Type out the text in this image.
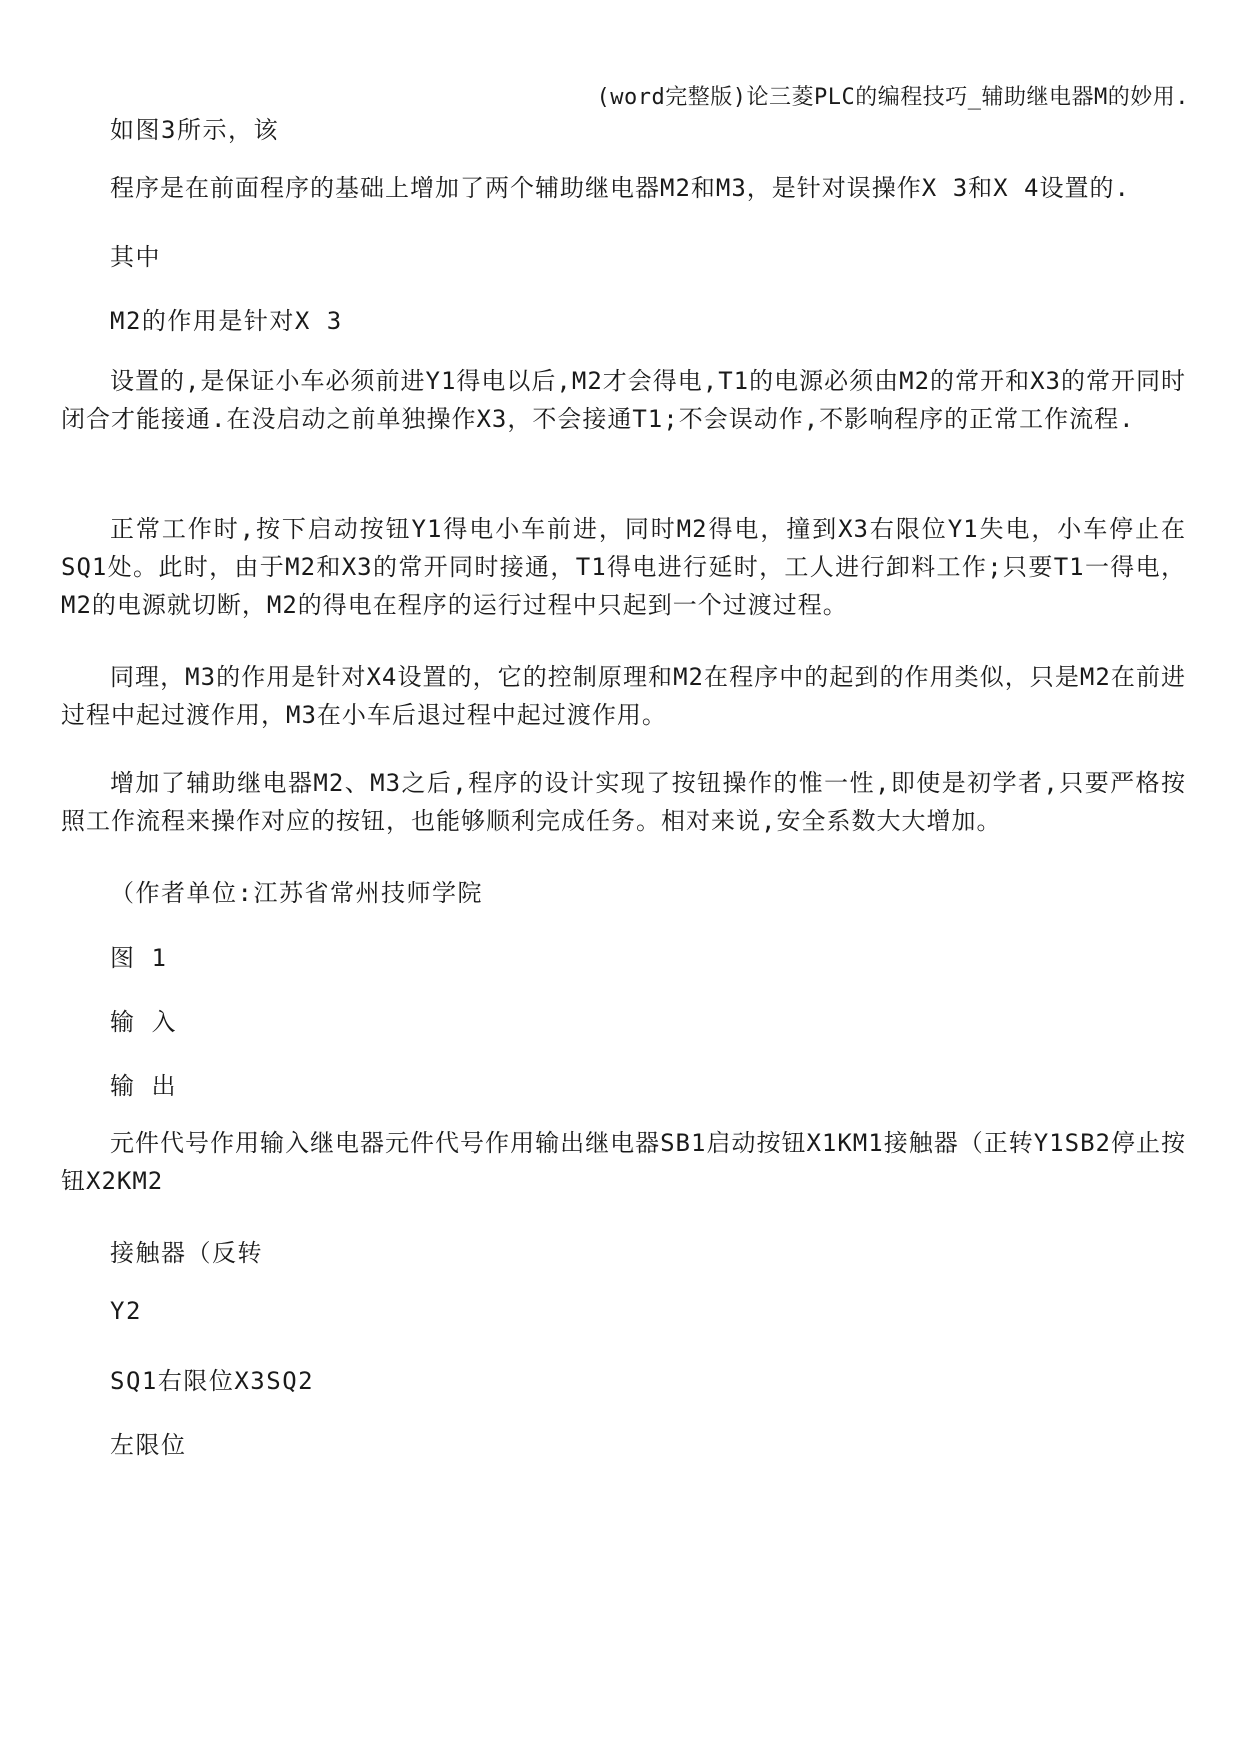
(word完整版)论三菱PLC的编程技巧_辅助继电器M的妙用.
如图3所示，该

程序是在前面程序的基础上增加了两个辅助继电器M2和M3，是针对误操作X 3和X 4设置的.

其中
M2的作用是针对X 3

设置的,是保证小车必须前进Y1得电以后,M2才会得电,T1的电源必须由M2的常开和X3的常开同时闭合才能接通.在没启动之前单独操作X3，不会接通T1;不会误动作,不影响程序的正常工作流程.

正常工作时,按下启动按钮Y1得电小车前进，同时M2得电，撞到X3右限位Y1失电，小车停止在SQ1处。此时，由于M2和X3的常开同时接通，T1得电进行延时，工人进行卸料工作;只要T1一得电，M2的电源就切断，M2的得电在程序的运行过程中只起到一个过渡过程。

同理，M3的作用是针对X4设置的，它的控制原理和M2在程序中的起到的作用类似，只是M2在前进过程中起过渡作用，M3在小车后退过程中起过渡作用。

增加了辅助继电器M2、M3之后,程序的设计实现了按钮操作的惟一性,即使是初学者,只要严格按照工作流程来操作对应的按钮，也能够顺利完成任务。相对来说,安全系数大大增加。

（作者单位:江苏省常州技师学院
图 1
输 入
输 出

元件代号作用输入继电器元件代号作用输出继电器SB1启动按钮X1KM1接触器（正转Y1SB2停止按钮X2KM2

接触器（反转
Y2
SQ1右限位X3SQ2
左限位
